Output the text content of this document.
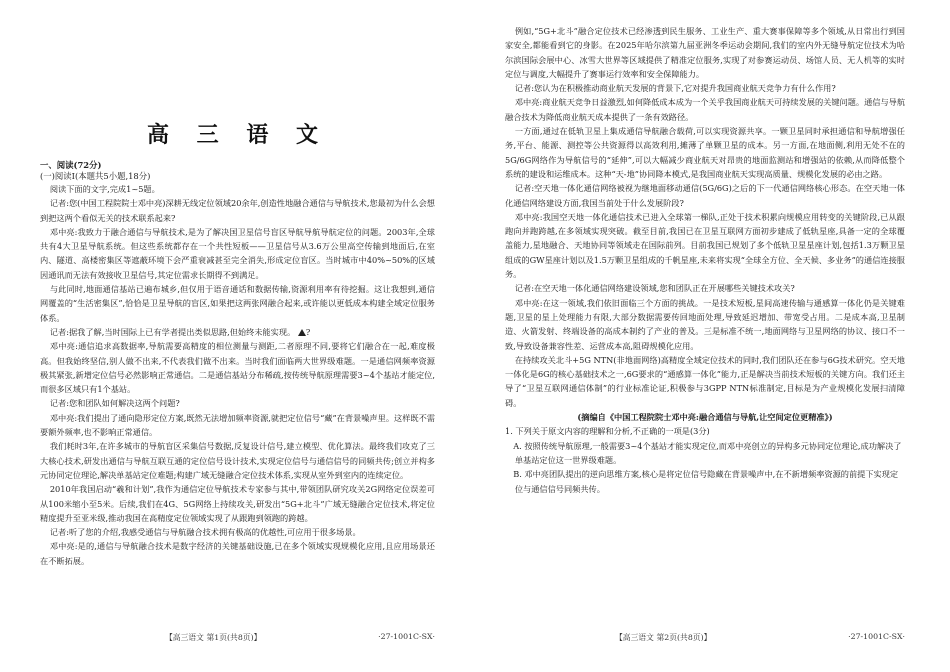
高 三 语 文

一、阅读(72分)

(一)阅读Ⅰ(本题共5小题,18分)

阅读下面的文字,完成1~5题。

记者:您(中国工程院院士邓中亮)深耕无线定位领域20余年,创造性地融合通信与导航技术,您最初为什么会想到把这两个看似无关的技术联系起来?

邓中亮:我致力于融合通信与导航技术,是为了解决国卫星信号盲区导航导航导航定位的问题。2003年,全球共有4大卫星导航系统。但这些系统都存在一个共性短板——卫星信号从3.6万公里高空传输到地面后,在室内、隧道、高楼密集区等遮蔽环境下会严重衰减甚至完全消失,形成定位盲区。当时城市中40%~50%的区域因通讯而无法有效接收卫星信号,其定位需求长期得不到满足。

与此同时,地面通信基站已遍布城乡,但仅用于语音通话和数据传输,资源利用率有待挖掘。这让我想到,通信网覆盖的“生活密集区”,恰恰是卫星导航的盲区,如果把这两张网融合起来,或许能以更低成本构建全域定位服务体系。

记者:据我了解,当时国际上已有学者提出类似思路,但始终未能实现。 ?

邓中亮:通信追求高数据率,导航需要高精度的相位测量与测距,二者原理不同,要将它们融合在一起,难度极高。但我始终坚信,别人做不出来,不代表我们做不出来。当时我们面临两大世界级难题。一是通信网频率资源极其紧张,新增定位信号必然影响正常通信。二是通信基站分布稀疏,按传统导航原理需要3~4个基站才能定位,而很多区域只有1个基站。

记者:您和团队如何解决这两个问题?

邓中亮:我们提出了通向隐形定位方案,既然无法增加频率资源,就把定位信号“藏”在背景噪声里。这样既不需要额外频率,也不影响正常通信。

我们耗时3年,在许多城市的导航盲区采集信号数据,反复设计信号,建立模型、优化算法。最终我们攻克了三大核心技术,研发出通信与导航互联互通的定位信号设计技术,实现定位信号与通信信号的同频共传;创立并构多元协同定位理论,解决单基站定位难题;构建广域无缝融合定位技术体系,实现从室外到室内的连续定位。

2010年我国启动“羲和计划”,我作为通信定位导航技术专家参与其中,带领团队研究攻关2G网络定位误差可从100米缩小至5米。后续,我们在4G、5G网络上持续攻关,研发出“5G+北斗”广域无缝融合定位技术,将定位精度提升至亚米级,推动我国在高精度定位领域实现了从跟跑到领跑的跨越。

记者:听了您的介绍,我感受通信与导航融合技术拥有极高的优越性,可应用于很多场景。

邓中亮:是的,通信与导航融合技术是数字经济的关键基础设施,已在多个领域实现规模化应用,且应用场景还在不断拓展。

【高三语文 第1页(共8页)】	·27-1001C-SX·

例如,“5G+北斗”融合定位技术已经渗透到民生服务、工业生产、重大赛事保障等多个领域,从日常出行到国家安全,都能看到它的身影。在2025年哈尔滨第九届亚洲冬季运动会期间,我们的室内外无缝导航定位技术为哈尔滨国际会展中心、冰雪大世界等区域提供了精准定位服务,实现了对参赛运动员、场馆人员、无人机等的实时定位与调度,大幅提升了赛事运行效率和安全保障能力。

记者:您认为在积极推动商业航天发展的背景下,它对提升我国商业航天竞争力有什么作用?

邓中亮:商业航天竞争日益激烈,如何降低成本成为一个关乎我国商业航天可持续发展的关键问题。通信与导航融合技术为降低商业航天成本提供了一条有效路径。

一方面,通过在低轨卫星上集成通信导航融合载荷,可以实现资源共享。一颗卫星同时承担通信和导航增强任务,平台、能源、测控等公共资源得以高效利用,摊薄了单颗卫星的成本。另一方面,在地面侧,利用无处不在的5G/6G网络作为导航信号的“延伸”,可以大幅减少商业航天对昂贵的地面监测站和增强站的依赖,从而降低整个系统的建设和运维成本。这种“天-地”协同降本模式,是我国商业航天实现高质量、规模化发展的必由之路。

记者:空天地一体化通信网络被视为继地面移动通信(5G/6G)之后的下一代通信网络核心形态。在空天地一体化通信网络建设方面,我国当前处于什么发展阶段?

邓中亮:我国空天地一体化通信技术已进入全球第一梯队,正处于技术积累向规模应用转变的关键阶段,已从跟跑向并跑跨越,在多领域实现突破。截至目前,我国已在卫星互联网方面初步建成了低轨星座,具备一定的全球覆盖能力,星地融合、天地协同等领域走在国际前列。目前我国已规划了多个低轨卫星星座计划,包括1.3万颗卫星组成的GW星座计划以及1.5万颗卫星组成的千帆星座,未来将实现“全球全方位、全天候、多业务”的通信连接服务。

记者:在空天地一体化通信网络建设领域,您和团队正在开展哪些关键技术攻关?

邓中亮:在这一领域,我们依旧面临三个方面的挑战。一是技术短板,星间高速传输与通感算一体化仍是关键难题,卫星的星上处理能力有限,大部分数据需要传回地面处理,导致延迟增加、带宽受占用。二是成本高,卫星制造、火箭发射、终端设备的高成本制约了产业的普及。三是标准不统一,地面网络与卫星网络的协议、接口不一致,导致设备兼容性差、运营成本高,阻碍规模化应用。

在持续攻关北斗+5G NTN(非地面网络)高精度全域定位技术的同时,我们团队还在参与6G技术研究。空天地一体化是6G的核心基础技术之一,6G要求的“通感算一体化”能力,正是解决当前技术短板的关键方向。我们还主导了“卫星互联网通信体制”的行业标准论证,积极参与3GPP NTN标准制定,目标是为产业规模化发展扫清障碍。

(摘编自《中国工程院院士邓中亮:融合通信与导航,让空间定位更精准》)

1. 下列关于原文内容的理解和分析,不正确的一项是(3分)

A. 按照传统导航原理,一般需要3~4个基站才能实现定位,而邓中亮创立的异构多元协同定位理论,成功解决了单基站定位这一世界级难题。

B. 邓中亮团队提出的逆向思维方案,核心是将定位信号隐藏在背景噪声中,在不新增频率资源的前提下实现定位与通信信号同频共传。

【高三语文 第2页(共8页)】	·27-1001C-SX·
